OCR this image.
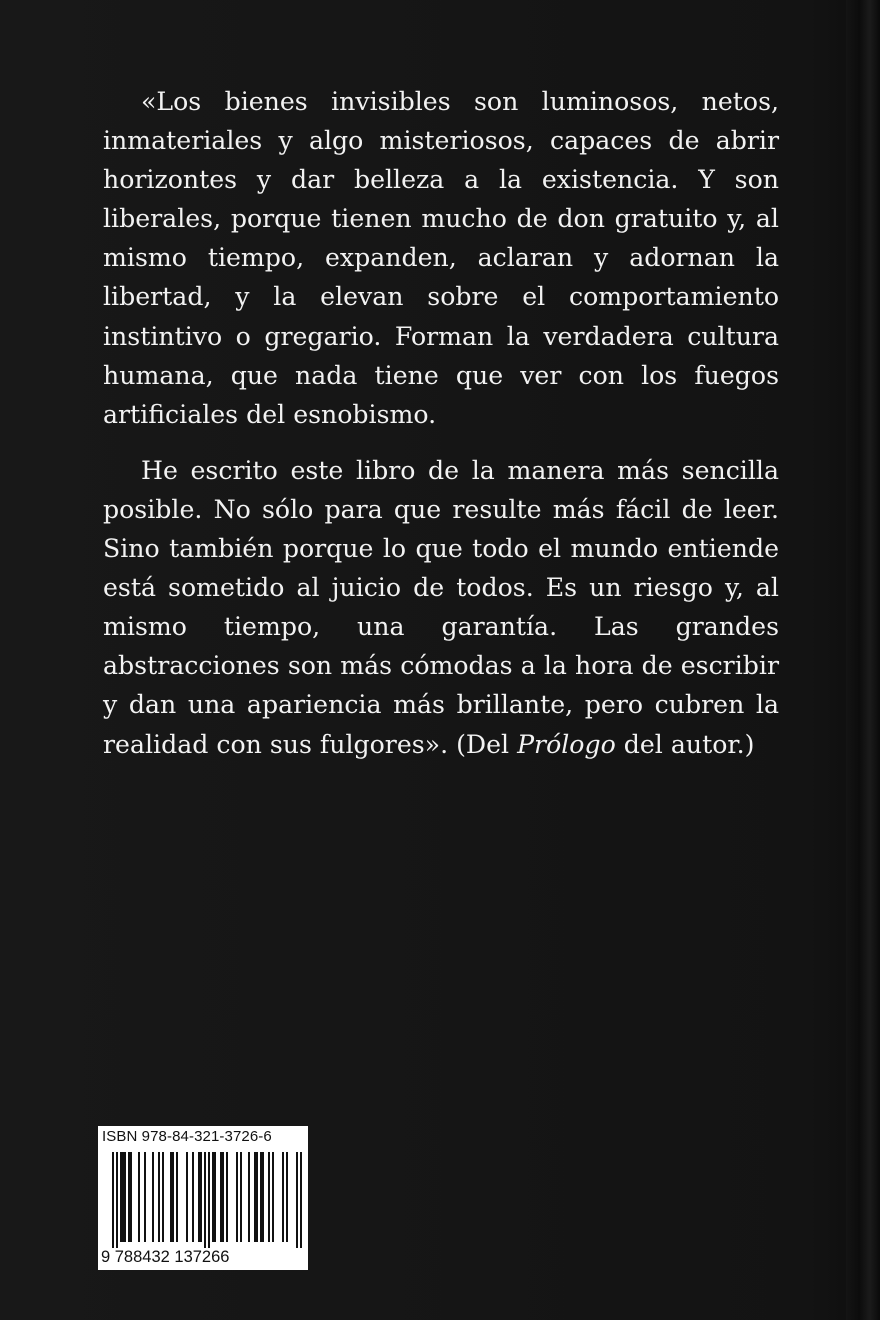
«Los bienes invisibles son luminosos, netos, inmateriales y algo misteriosos, capaces de abrir horizontes y dar belleza a la existencia. Y son liberales, porque tienen mucho de don gratuito y, al mismo tiempo, expanden, aclaran y adornan la libertad, y la elevan sobre el comportamiento instintivo o gregario. Forman la verdadera cultura humana, que nada tiene que ver con los fuegos artificiales del esnobismo.

He escrito este libro de la manera más sencilla posible. No sólo para que resulte más fácil de leer. Sino también porque lo que todo el mundo entiende está sometido al juicio de todos. Es un riesgo y, al mismo tiempo, una garantía. Las grandes abstracciones son más cómodas a la hora de escribir y dan una apariencia más brillante, pero cubren la realidad con sus fulgores». (Del Prólogo del autor.)

ISBN 978-84-321-3726-6
9 788432 137266
